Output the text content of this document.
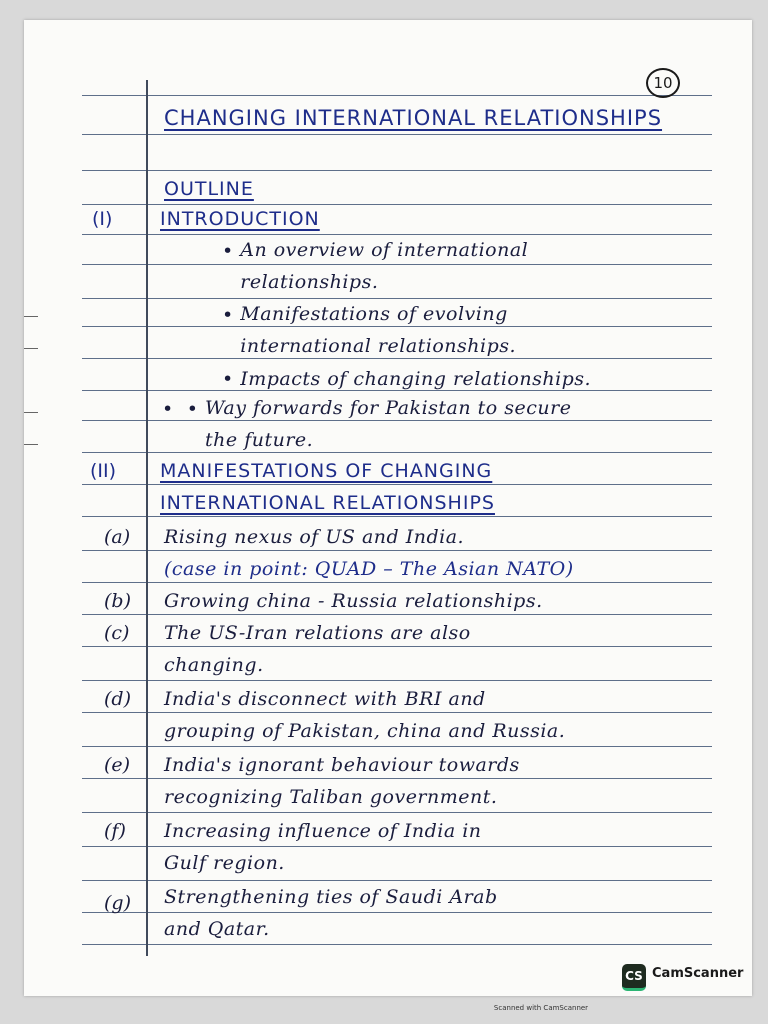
10
CHANGING INTERNATIONAL RELATIONSHIPS
OUTLINE
(I)	INTRODUCTION
• An overview of international relationships.
• Manifestations of evolving international relationships.
• Impacts of changing relationships.
•  • Way forwards for Pakistan to secure the future.
(II) MANIFESTATIONS OF CHANGING
INTERNATIONAL RELATIONSHIPS
(a) Rising nexus of US and India.
(case in point: QUAD – The Asian NATO)
(b) Growing china - Russia relationships.
(c) The US-Iran relations are also
changing.
(d) India's disconnect with BRI and
grouping of Pakistan, china and Russia.
(e) India's ignorant behaviour towards
recognizing Taliban government.
(f) Increasing influence of India in
Gulf region.
(g) Strengthening ties of Saudi Arab
and Qatar.
CS CamScanner
Scanned with CamScanner
